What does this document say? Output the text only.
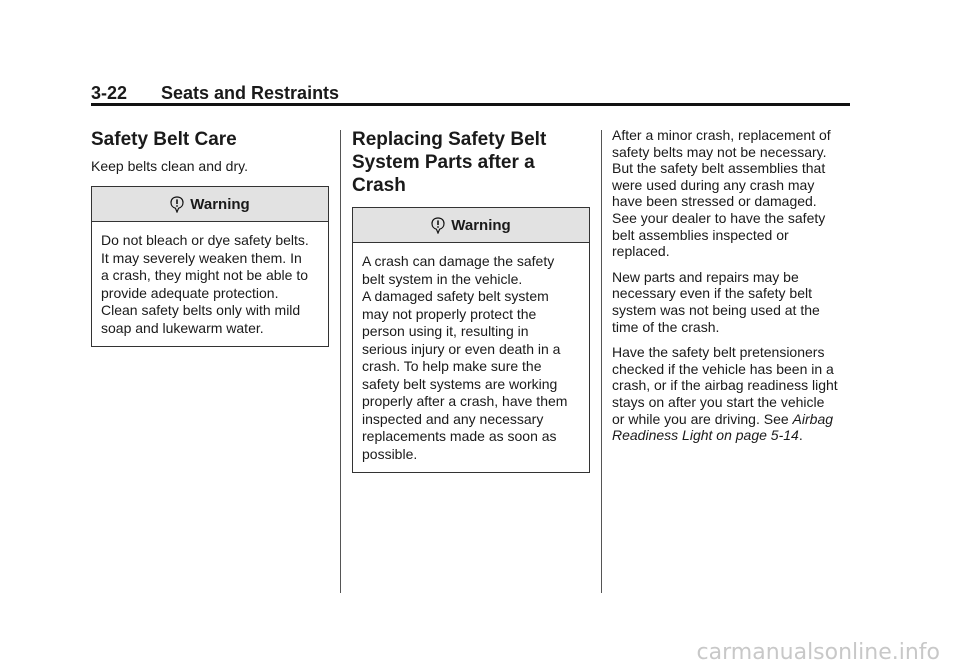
3-22 Seats and Restraints
Safety Belt Care

Keep belts clean and dry.

Warning

Do not bleach or dye safety belts.

It may severely weaken them. In

a crash, they might not be able to

provide adequate protection.

Clean safety belts only with mild

soap and lukewarm water.

Replacing Safety Belt
System Parts after a
Crash
Warning

A crash can damage the safety

belt system in the vehicle.

A damaged safety belt system

may not properly protect the

person using it, resulting in

serious injury or even death in a

crash. To help make sure the

safety belt systems are working

properly after a crash, have them

inspected and any necessary

replacements made as soon as

possible.

After a minor crash, replacement of
safety belts may not be necessary.
But the safety belt assemblies that
were used during any crash may
have been stressed or damaged.
See your dealer to have the safety
belt assemblies inspected or
replaced.

New parts and repairs may be
necessary even if the safety belt
system was not being used at the
time of the crash.

Have the safety belt pretensioners
checked if the vehicle has been in a
crash, or if the airbag readiness light
stays on after you start the vehicle
or while you are driving. See Airbag
Readiness Light on page 5-14.

carmanualsonline.info
